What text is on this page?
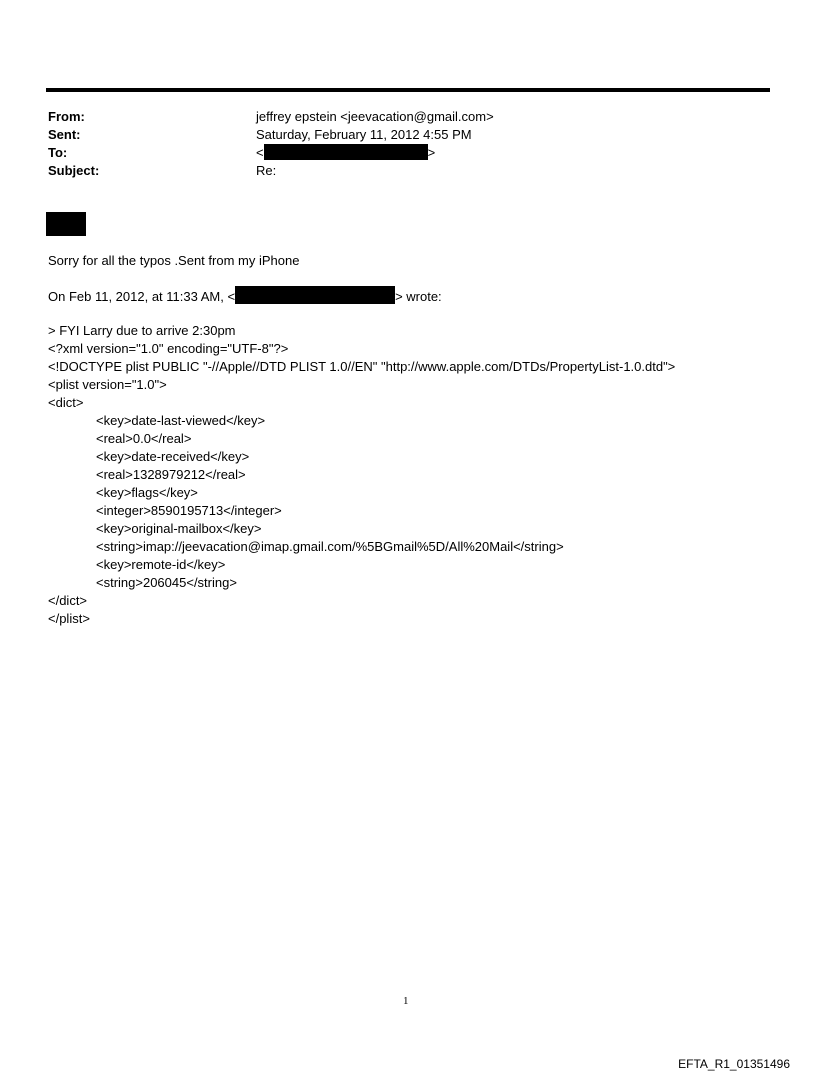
From:	jeffrey epstein <jeevacation@gmail.com>
Sent:	Saturday, February 11, 2012 4:55 PM
To:	<	>
Subject:	Re:
Sorry for all the typos .Sent from my iPhone
On Feb 11, 2012, at 11:33 AM, <	> wrote:
> FYI Larry due to arrive 2:30pm
<?xml version="1.0" encoding="UTF-8"?>
<!DOCTYPE plist PUBLIC "-//Apple//DTD PLIST 1.0//EN" "http://www.apple.com/DTDs/PropertyList-1.0.dtd">
<plist version="1.0">
<dict>
<key>date-last-viewed</key>
<real>0.0</real>
<key>date-received</key>
<real>1328979212</real>
<key>flags</key>
<integer>8590195713</integer>
<key>original-mailbox</key>
<string>imap://jeevacation@imap.gmail.com/%5BGmail%5D/All%20Mail</string>
<key>remote-id</key>
<string>206045</string>
</dict>
</plist>
1
EFTA_R1_01351496
